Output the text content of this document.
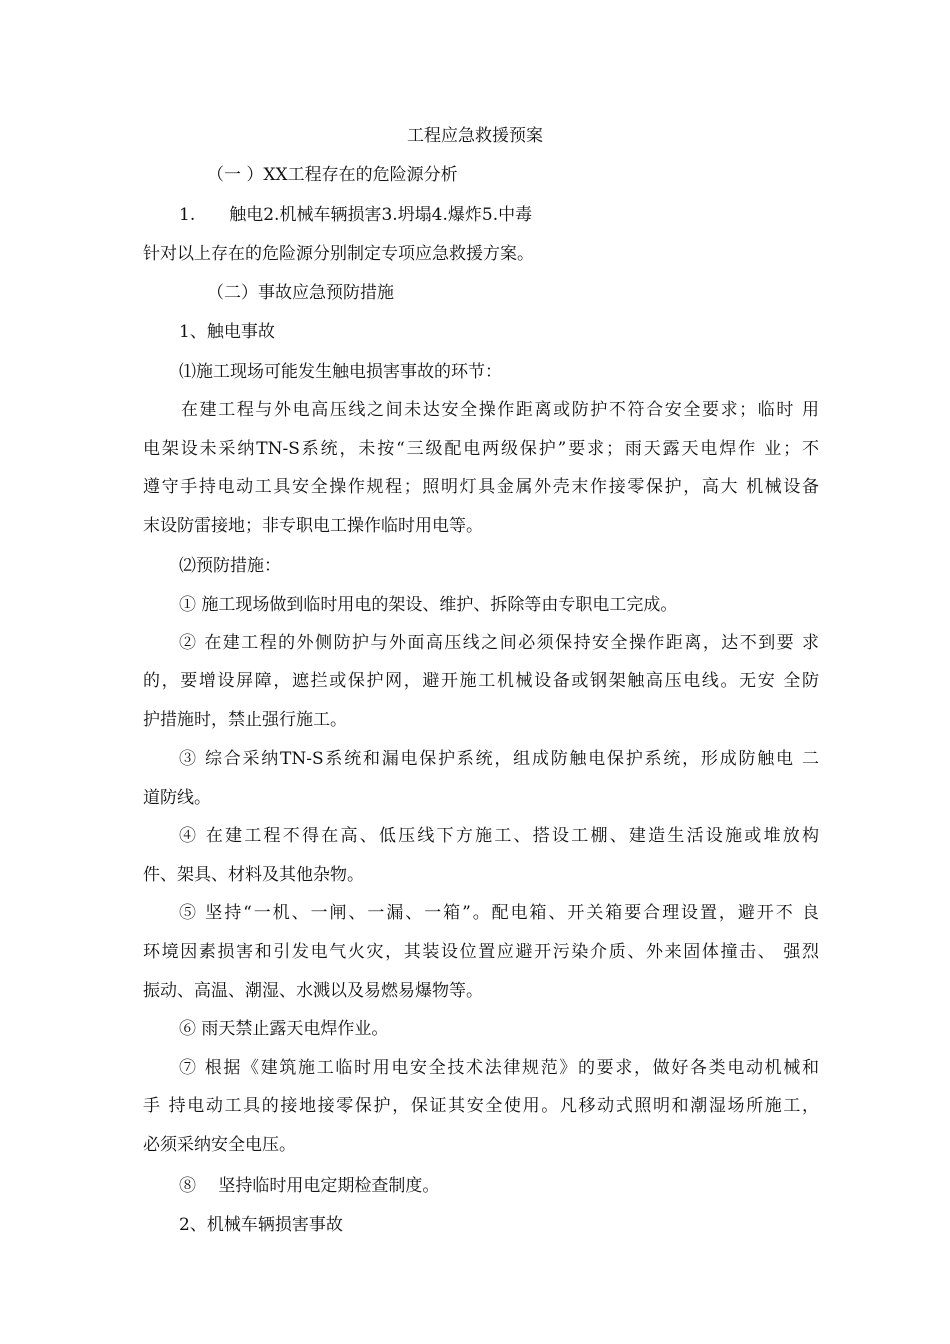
工程应急救援预案
（一 ）XX工程存在的危险源分析
1.　　触电2.机械车辆损害3.坍塌4.爆炸5.中毒
针对以上存在的危险源分别制定专项应急救援方案。
（二）事故应急预防措施
1、触电事故
⑴施工现场可能发生触电损害事故的环节：
在建工程与外电高压线之间未达安全操作距离或防护不符合安全要求；临时 用
电架设未采纳TN-S系统，未按“三级配电两级保护”要求；雨天露天电焊作 业；不
遵守手持电动工具安全操作规程；照明灯具金属外壳末作接零保护，高大 机械设备
末设防雷接地；非专职电工操作临时用电等。
⑵预防措施：
① 施工现场做到临时用电的架设、维护、拆除等由专职电工完成。
② 在建工程的外侧防护与外面高压线之间必须保持安全操作距离，达不到要 求
的，要增设屏障，遮拦或保护网，避开施工机械设备或钢架触高压电线。无安 全防
护措施时，禁止强行施工。
③ 综合采纳TN-S系统和漏电保护系统，组成防触电保护系统，形成防触电 二
道防线。
④ 在建工程不得在高、低压线下方施工、搭设工棚、建造生活设施或堆放构
件、架具、材料及其他杂物。
⑤ 坚持“一机、一闸、一漏、一箱”。配电箱、开关箱要合理设置，避开不 良
环境因素损害和引发电气火灾，其装设位置应避开污染介质、外来固体撞击、 强烈
振动、高温、潮湿、水溅以及易燃易爆物等。
⑥ 雨天禁止露天电焊作业。
⑦ 根据《建筑施工临时用电安全技术法律规范》的要求，做好各类电动机械和
手 持电动工具的接地接零保护，保证其安全使用。凡移动式照明和潮湿场所施工，
必须采纳安全电压。
⑧　 坚持临时用电定期检查制度。
2、机械车辆损害事故
